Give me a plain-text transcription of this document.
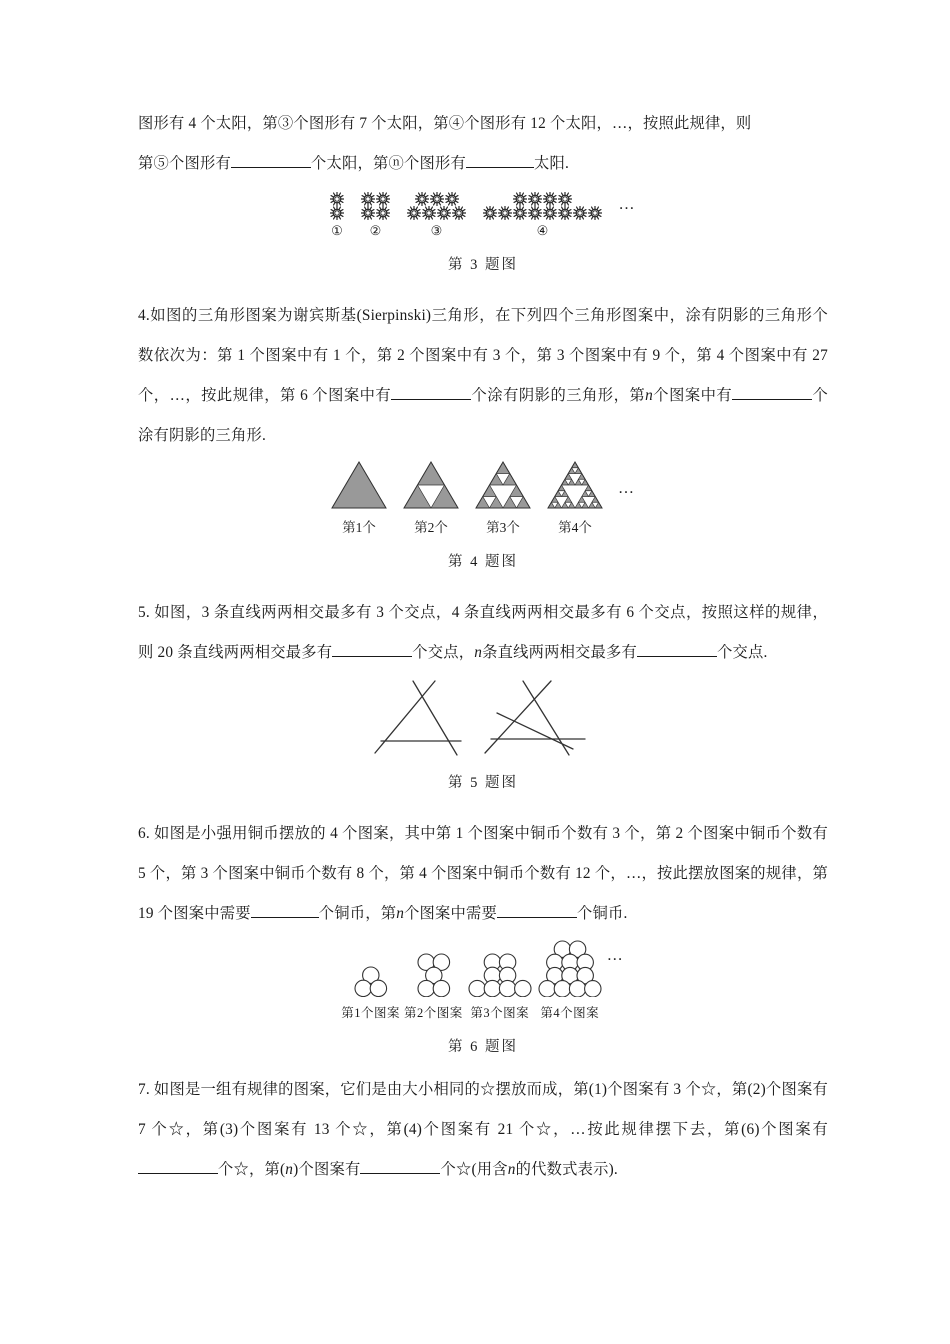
图形有 4 个太阳，第③个图形有 7 个太阳，第④个图形有 12 个太阳，…，按照此规律，则
第⑤个图形有	个太阳，第ⓝ个图形有	太阳.
① ②	③	④
…
第 3 题图
4.如图的三角形图案为谢宾斯基(Sierpinski)三角形，在下列四个三角形图案中，涂有阴影的三角形个数依次为：第 1 个图案中有 1 个，第 2 个图案中有 3 个，第 3 个图案中有 9 个，第 4 个图案中有 27 个，…，按此规律，第 6 个图案中有	个涂有阴影的三角形，第n个图案中有	个涂有阴影的三角形.
第1个	第2个	第3个	第4个
…
第 4 题图
5. 如图，3 条直线两两相交最多有 3 个交点，4 条直线两两相交最多有 6 个交点，按照这样的规律，则 20 条直线两两相交最多有	个交点，n条直线两两相交最多有	个交点.
第 5 题图
6. 如图是小强用铜币摆放的 4 个图案，其中第 1 个图案中铜币个数有 3 个，第 2 个图案中铜币个数有 5 个，第 3 个图案中铜币个数有 8 个，第 4 个图案中铜币个数有 12 个，…，按此摆放图案的规律，第 19 个图案中需要	个铜币，第n个图案中需要	个铜币.
第1个图案 第2个图案 第3个图案 第4个图案
…
第 6 题图
7. 如图是一组有规律的图案，它们是由大小相同的☆摆放而成，第(1)个图案有 3 个☆，第(2)个图案有 7 个☆，第(3)个图案有 13 个☆，第(4)个图案有 21 个☆，…按此规律摆下去，第(6)个图案有个☆，第(n)个图案有	个☆(用含n的代数式表示).
